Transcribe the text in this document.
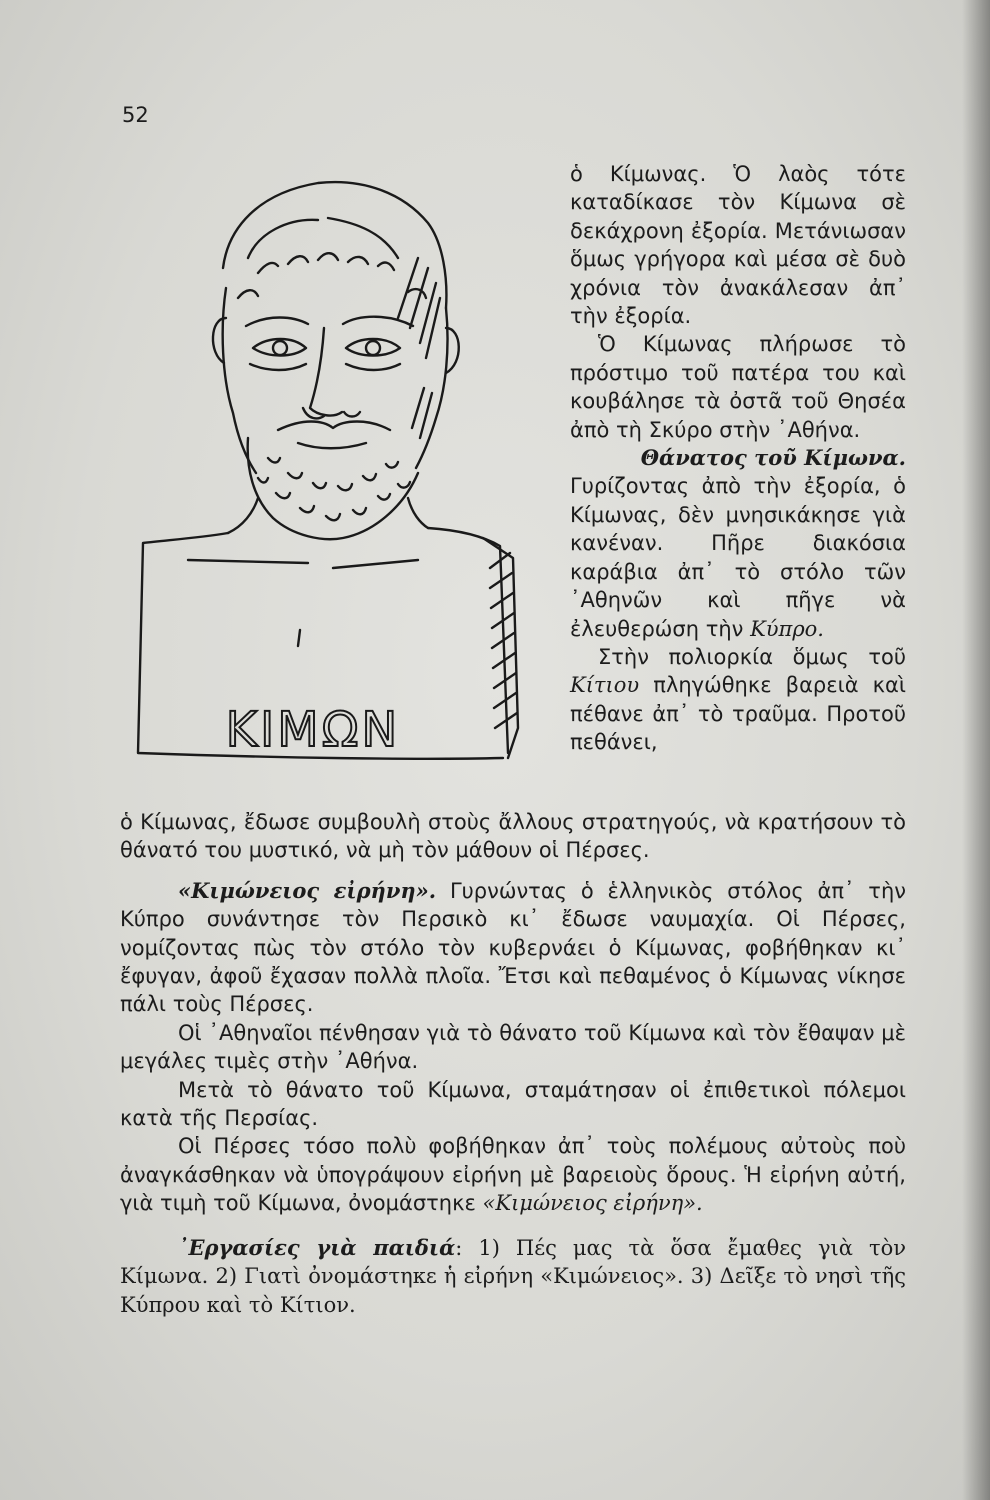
52
ΚΙΜΩΝ

ὁ Κίμωνας. Ὁ λαὸς τότε καταδίκασε τὸν Κίμωνα σὲ δεκάχρονη ἐξορία. Μετάνιωσαν ὅμως γρήγορα καὶ μέσα σὲ δυὸ χρόνια τὸν ἀνακάλεσαν ἀπ᾽ τὴν ἐξορία.

Ὁ Κίμωνας πλήρωσε τὸ πρόστιμο τοῦ πατέρα του καὶ κουβάλησε τὰ ὀστᾶ τοῦ Θησέα ἀπὸ τὴ Σκύρο στὴν ᾽Αθήνα.

Θάνατος τοῦ Κίμωνα.

Γυρίζοντας ἀπὸ τὴν ἐξορία, ὁ Κίμωνας, δὲν μνησικάκησε γιὰ κανέναν. Πῆρε διακόσια καράβια ἀπ᾽ τὸ στόλο τῶν ᾽Αθηνῶν καὶ πῆγε νὰ ἐλευθερώση τὴν Κύπρο.

Στὴν πολιορκία ὅμως τοῦ Κίτιου πληγώθηκε βαρειὰ καὶ πέθανε ἀπ᾽ τὸ τραῦμα. Προτοῦ πεθάνει,

ὁ Κίμωνας, ἔδωσε συμβουλὴ στοὺς ἄλλους στρατηγούς, νὰ κρατήσουν τὸ θάνατό του μυστικό, νὰ μὴ τὸν μάθουν οἱ Πέρσες.

«Κιμώνειος εἰρήνη». Γυρνώντας ὁ ἑλληνικὸς στόλος ἀπ᾽ τὴν Κύπρο συνάντησε τὸν Περσικὸ κι᾽ ἔδωσε ναυμαχία. Οἱ Πέρσες, νομίζοντας πὼς τὸν στόλο τὸν κυβερνάει ὁ Κίμωνας, φοβήθηκαν κι᾽ ἔφυγαν, ἀφοῦ ἔχασαν πολλὰ πλοῖα. Ἔτσι καὶ πεθαμένος ὁ Κίμωνας νίκησε πάλι τοὺς Πέρσες.

Οἱ ᾽Αθηναῖοι πένθησαν γιὰ τὸ θάνατο τοῦ Κίμωνα καὶ τὸν ἔθαψαν μὲ μεγάλες τιμὲς στὴν ᾽Αθήνα.

Μετὰ τὸ θάνατο τοῦ Κίμωνα, σταμάτησαν οἱ ἐπιθετικοὶ πόλεμοι κατὰ τῆς Περσίας.

Οἱ Πέρσες τόσο πολὺ φοβήθηκαν ἀπ᾽ τοὺς πολέμους αὐτοὺς ποὺ ἀναγκάσθηκαν νὰ ὑπογράψουν εἰρήνη μὲ βαρειοὺς ὅρους. Ἡ εἰρήνη αὐτή, γιὰ τιμὴ τοῦ Κίμωνα, ὀνομάστηκε «Κιμώνειος εἰρήνη».

᾽Εργασίες γιὰ παιδιά: 1) Πές μας τὰ ὅσα ἔμαθες γιὰ τὸν Κίμωνα. 2) Γιατὶ ὀνομάστηκε ἡ εἰρήνη «Κιμώνειος». 3) Δεῖξε τὸ νησὶ τῆς Κύπρου καὶ τὸ Κίτιον.
